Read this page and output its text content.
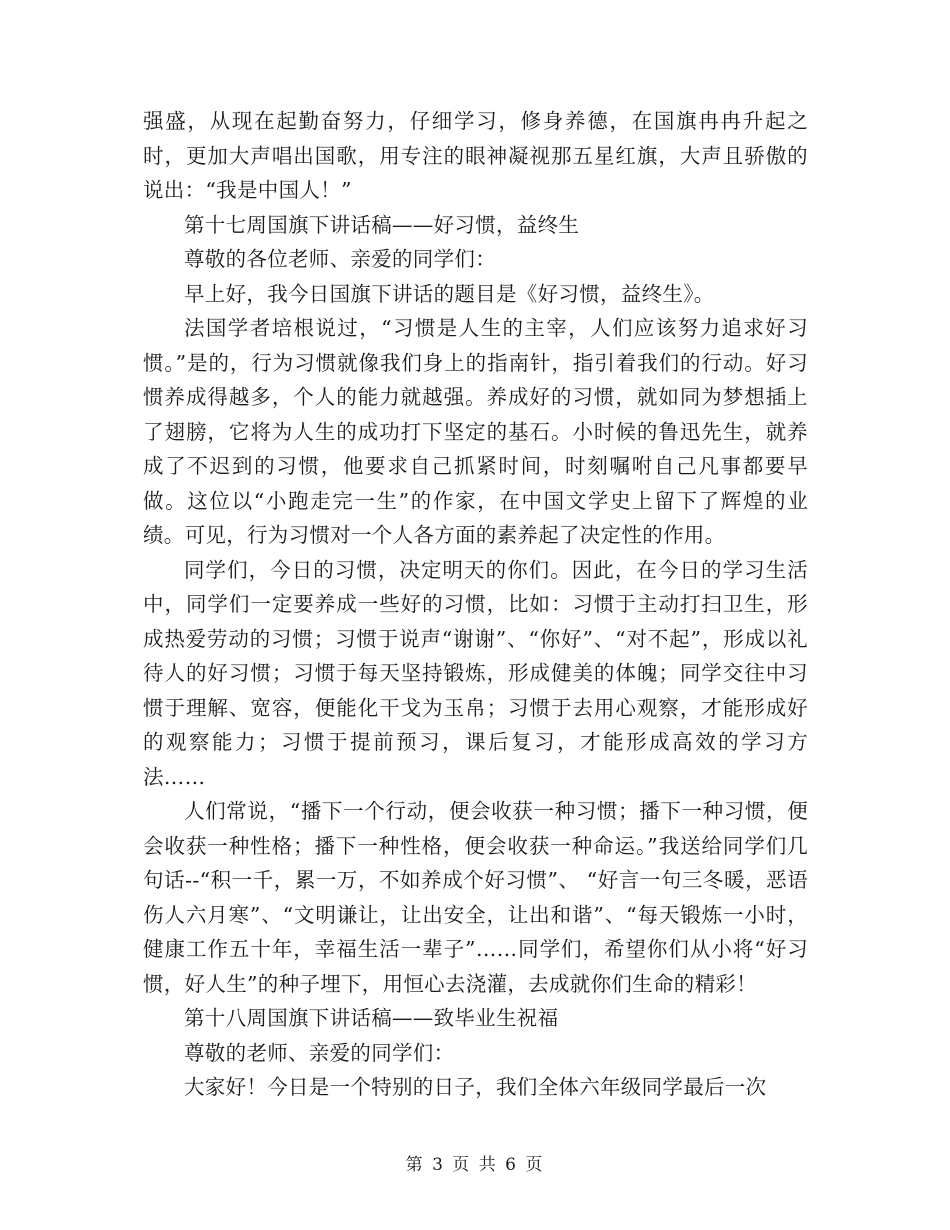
强盛，从现在起勤奋努力，仔细学习，修身养德，在国旗冉冉升起之时，更加大声唱出国歌，用专注的眼神凝视那五星红旗，大声且骄傲的说出：“我是中国人！”

第十七周国旗下讲话稿——好习惯，益终生

尊敬的各位老师、亲爱的同学们：

早上好，我今日国旗下讲话的题目是《好习惯，益终生》。

法国学者培根说过，“习惯是人生的主宰，人们应该努力追求好习惯。”是的，行为习惯就像我们身上的指南针，指引着我们的行动。好习惯养成得越多，个人的能力就越强。养成好的习惯，就如同为梦想插上了翅膀，它将为人生的成功打下坚定的基石。小时候的鲁迅先生，就养成了不迟到的习惯，他要求自己抓紧时间，时刻嘱咐自己凡事都要早做。这位以“小跑走完一生”的作家，在中国文学史上留下了辉煌的业绩。可见，行为习惯对一个人各方面的素养起了决定性的作用。

同学们，今日的习惯，决定明天的你们。因此，在今日的学习生活中，同学们一定要养成一些好的习惯，比如：习惯于主动打扫卫生，形成热爱劳动的习惯；习惯于说声“谢谢”、“你好”、“对不起”，形成以礼待人的好习惯；习惯于每天坚持锻炼，形成健美的体魄；同学交往中习惯于理解、宽容，便能化干戈为玉帛；习惯于去用心观察，才能形成好的观察能力；习惯于提前预习，课后复习，才能形成高效的学习方法……

人们常说，“播下一个行动，便会收获一种习惯；播下一种习惯，便会收获一种性格；播下一种性格，便会收获一种命运。”我送给同学们几句话--“积一千，累一万，不如养成个好习惯”、 “好言一句三冬暖，恶语伤人六月寒”、“文明谦让，让出安全，让出和谐”、“每天锻炼一小时，健康工作五十年，幸福生活一辈子”……同学们，希望你们从小将“好习惯，好人生”的种子埋下，用恒心去浇灌，去成就你们生命的精彩！

第十八周国旗下讲话稿——致毕业生祝福

尊敬的老师、亲爱的同学们：

大家好！今日是一个特别的日子，我们全体六年级同学最后一次

第 3 页 共 6 页
